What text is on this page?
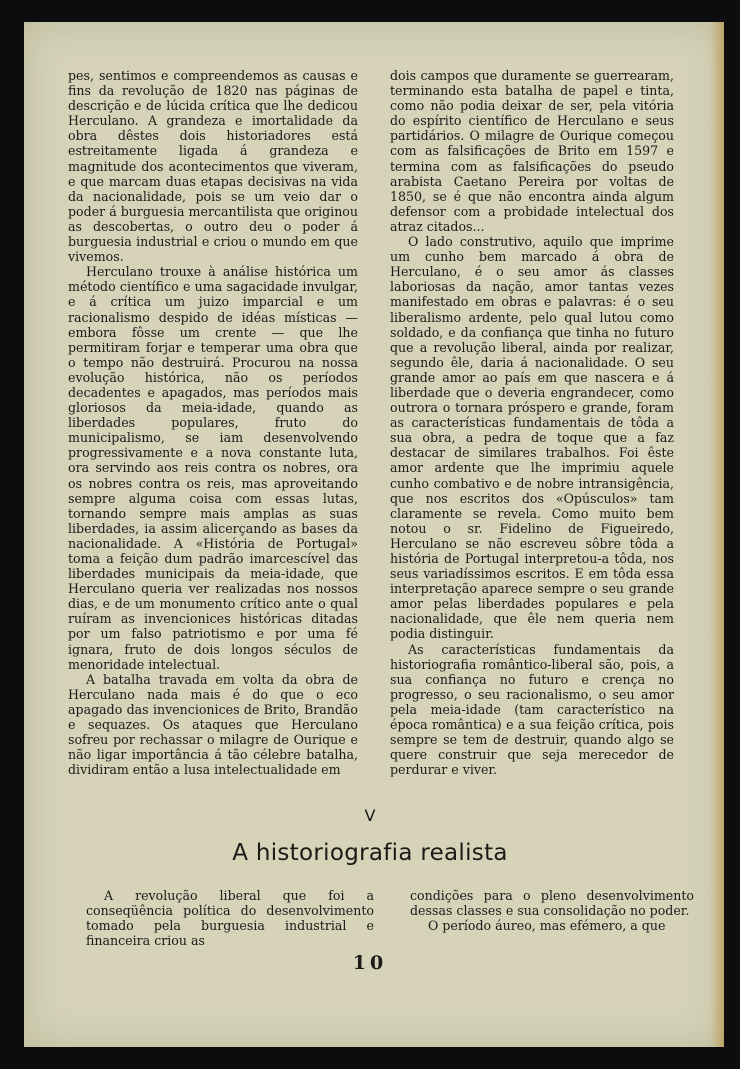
pes, sentimos e compreendemos as causas e fins da revolução de 1820 nas páginas de descrição e de lúcida crítica que lhe dedicou Herculano. A grandeza e imortalidade da obra dêstes dois historiadores está estreitamente ligada á grandeza e magnitude dos acontecimentos que viveram, e que marcam duas etapas decisivas na vida da nacionalidade, pois se um veio dar o poder á burguesia mercantilista que originou as descobertas, o outro deu o poder á burguesia industrial e criou o mundo em que vivemos.

Herculano trouxe à análise histórica um método científico e uma sagacidade invulgar, e á crítica um juizo imparcial e um racionalismo despido de idéas místicas — embora fôsse um crente — que lhe permitiram forjar e temperar uma obra que o tempo não destruirá. Procurou na nossa evolução histórica, não os períodos decadentes e apagados, mas períodos mais gloriosos da meia-idade, quando as liberdades populares, fruto do municipalismo, se iam desenvolvendo progressivamente e a nova constante luta, ora servindo aos reis contra os nobres, ora os nobres contra os reis, mas aproveitando sempre alguma coisa com essas lutas, tornando sempre mais amplas as suas liberdades, ia assim alicerçando as bases da nacionalidade. A «História de Portugal» toma a feição dum padrão imarcescível das liberdades municipais da meia-idade, que Herculano queria ver realizadas nos nossos dias, e de um monumento crítico ante o qual ruíram as invencionices históricas ditadas por um falso patriotismo e por uma fé ignara, fruto de dois longos séculos de menoridade intelectual.

A batalha travada em volta da obra de Herculano nada mais é do que o eco apagado das invencionices de Brito, Brandão e sequazes. Os ataques que Herculano sofreu por rechassar o milagre de Ourique e não ligar importância á tão célebre batalha, dividiram então a lusa intelectualidade em

dois campos que duramente se guerrearam, terminando esta batalha de papel e tinta, como não podia deixar de ser, pela vitória do espírito científico de Herculano e seus partidários. O milagre de Ourique começou com as falsificações de Brito em 1597 e termina com as falsificações do pseudo arabista Caetano Pereira por voltas de 1850, se é que não encontra ainda algum defensor com a probidade intelectual dos atraz citados...

O lado construtivo, aquilo que imprime um cunho bem marcado á obra de Herculano, é o seu amor ás classes laboriosas da nação, amor tantas vezes manifestado em obras e palavras: é o seu liberalismo ardente, pelo qual lutou como soldado, e da confiança que tinha no futuro que a revolução liberal, ainda por realizar, segundo êle, daria á nacionalidade. O seu grande amor ao país em que nascera e á liberdade que o deveria engrandecer, como outrora o tornara próspero e grande, foram as características fundamentais de tôda a sua obra, a pedra de toque que a faz destacar de similares trabalhos. Foi êste amor ardente que lhe imprimiu aquele cunho combativo e de nobre intransigência, que nos escritos dos «Opúsculos» tam claramente se revela. Como muito bem notou o sr. Fidelino de Figueiredo, Herculano se não escreveu sôbre tôda a história de Portugal interpretou-a tôda, nos seus variadíssimos escritos. E em tôda essa interpretação aparece sempre o seu grande amor pelas liberdades populares e pela nacionalidade, que êle nem queria nem podia distinguir.

As características fundamentais da historiografia romântico-liberal são, pois, a sua confiança no futuro e crença no progresso, o seu racionalismo, o seu amor pela meia-idade (tam característico na época romântica) e a sua feição crítica, pois sempre se tem de destruir, quando algo se quere construir que seja merecedor de perdurar e viver.

V
A historiografia realista

A revolução liberal que foi a conseqüência política do desenvolvimento tomado pela burguesia industrial e financeira criou as

condições para o pleno desenvolvimento dessas classes e sua consolidação no poder.

O período áureo, mas efémero, a que

10
